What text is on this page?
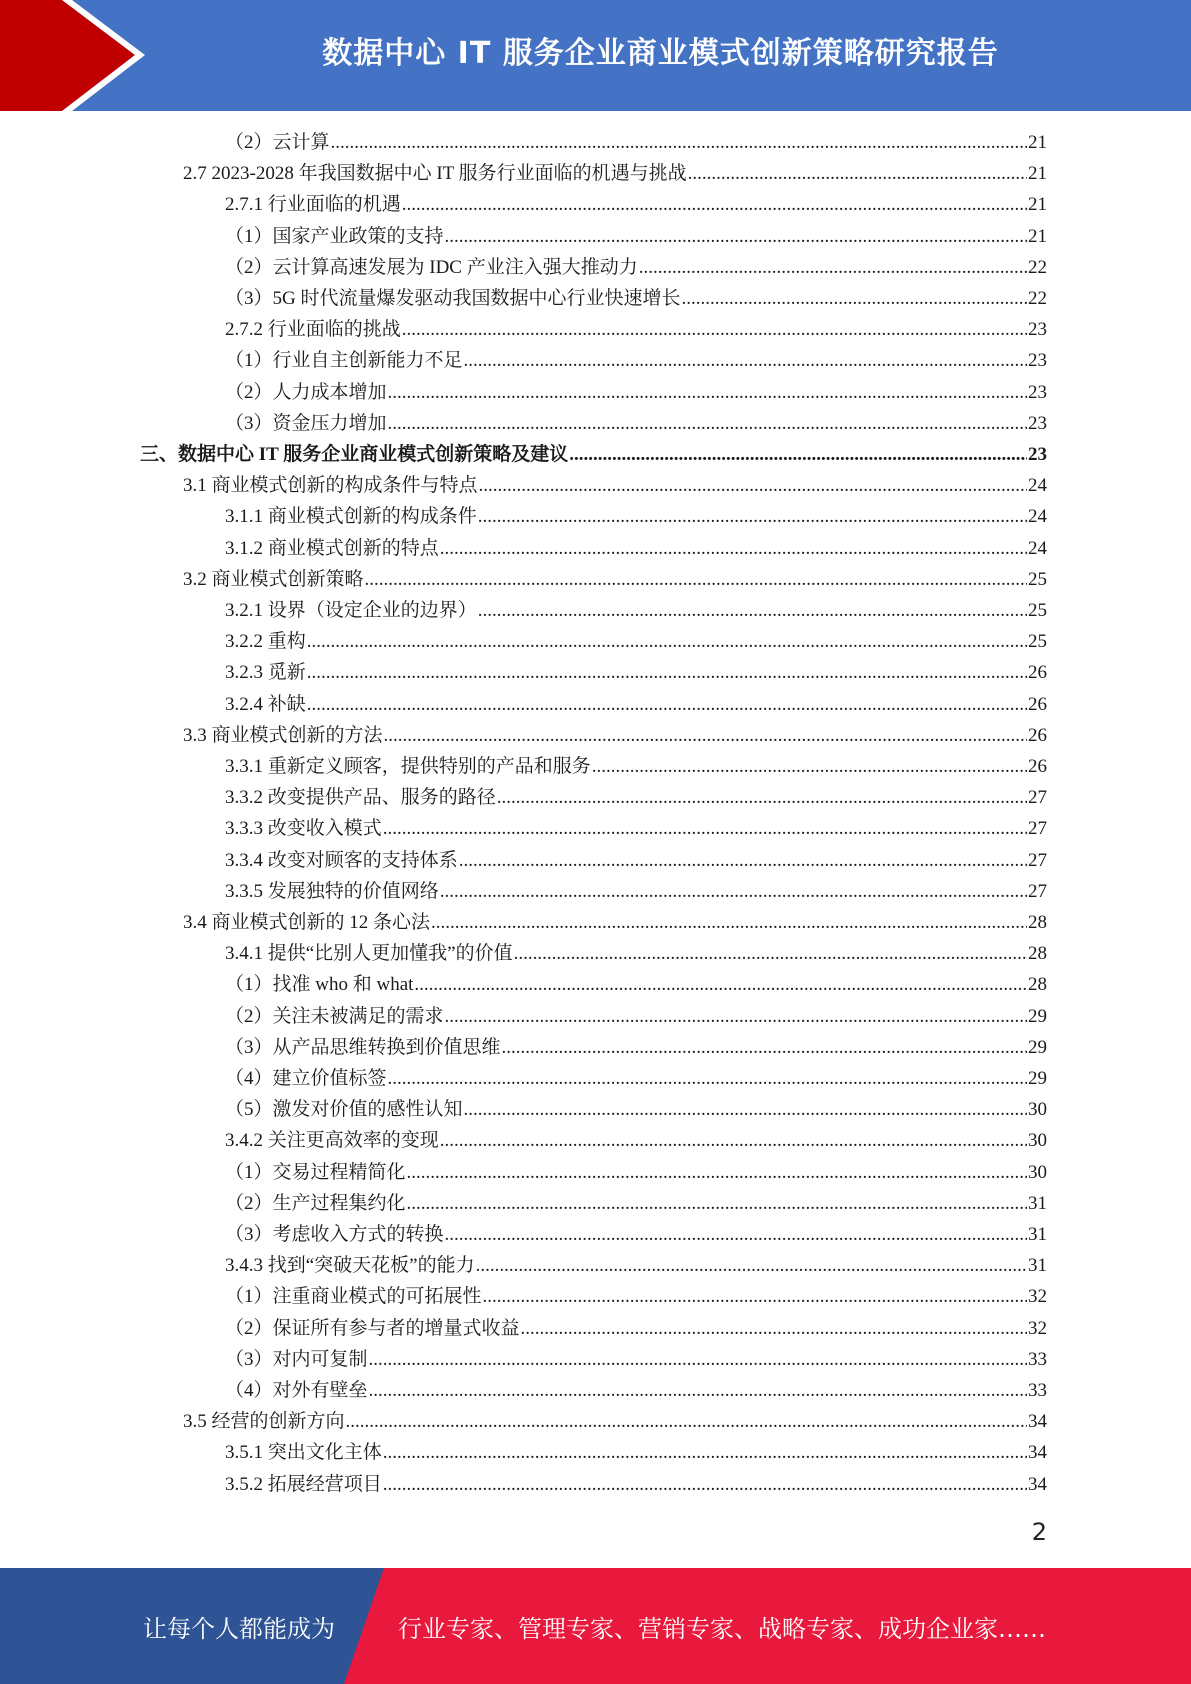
数据中心 IT 服务企业商业模式创新策略研究报告
（2）云计算 .....	21
2.7 2023-2028 年我国数据中心 IT 服务行业面临的机遇与挑战 .....	21
2.7.1 行业面临的机遇 .....	21
（1）国家产业政策的支持 .....	21
（2）云计算高速发展为 IDC 产业注入强大推动力 .....	22
（3）5G 时代流量爆发驱动我国数据中心行业快速增长 .....	22
2.7.2 行业面临的挑战 .....	23
（1）行业自主创新能力不足 .....	23
（2）人力成本增加 .....	23
（3）资金压力增加 .....	23
三、数据中心 IT 服务企业商业模式创新策略及建议 .....	23
3.1 商业模式创新的构成条件与特点 .....	24
3.1.1 商业模式创新的构成条件 .....	24
3.1.2 商业模式创新的特点 .....	24
3.2 商业模式创新策略 .....	25
3.2.1 设界（设定企业的边界） .....	25
3.2.2 重构 .....	25
3.2.3 觅新 .....	26
3.2.4 补缺 .....	26
3.3 商业模式创新的方法 .....	26
3.3.1 重新定义顾客，提供特别的产品和服务 .....	26
3.3.2 改变提供产品、服务的路径 .....	27
3.3.3 改变收入模式 .....	27
3.3.4 改变对顾客的支持体系 .....	27
3.3.5 发展独特的价值网络 .....	27
3.4 商业模式创新的 12 条心法 .....	28
3.4.1 提供“比别人更加懂我”的价值 .....	28
（1）找准 who 和 what .....	28
（2）关注未被满足的需求 .....	29
（3）从产品思维转换到价值思维 .....	29
（4）建立价值标签 .....	29
（5）激发对价值的感性认知 .....	30
3.4.2 关注更高效率的变现 .....	30
（1）交易过程精简化 .....	30
（2）生产过程集约化 .....	31
（3）考虑收入方式的转换 .....	31
3.4.3 找到“突破天花板”的能力 .....	31
（1）注重商业模式的可拓展性 .....	32
（2）保证所有参与者的增量式收益 .....	32
（3）对内可复制 .....	33
（4）对外有壁垒 .....	33
3.5 经营的创新方向 .....	34
3.5.1 突出文化主体 .....	34
3.5.2 拓展经营项目 .....	34
2
让每个人都能成为	行业专家、管理专家、营销专家、战略专家、成功企业家……
